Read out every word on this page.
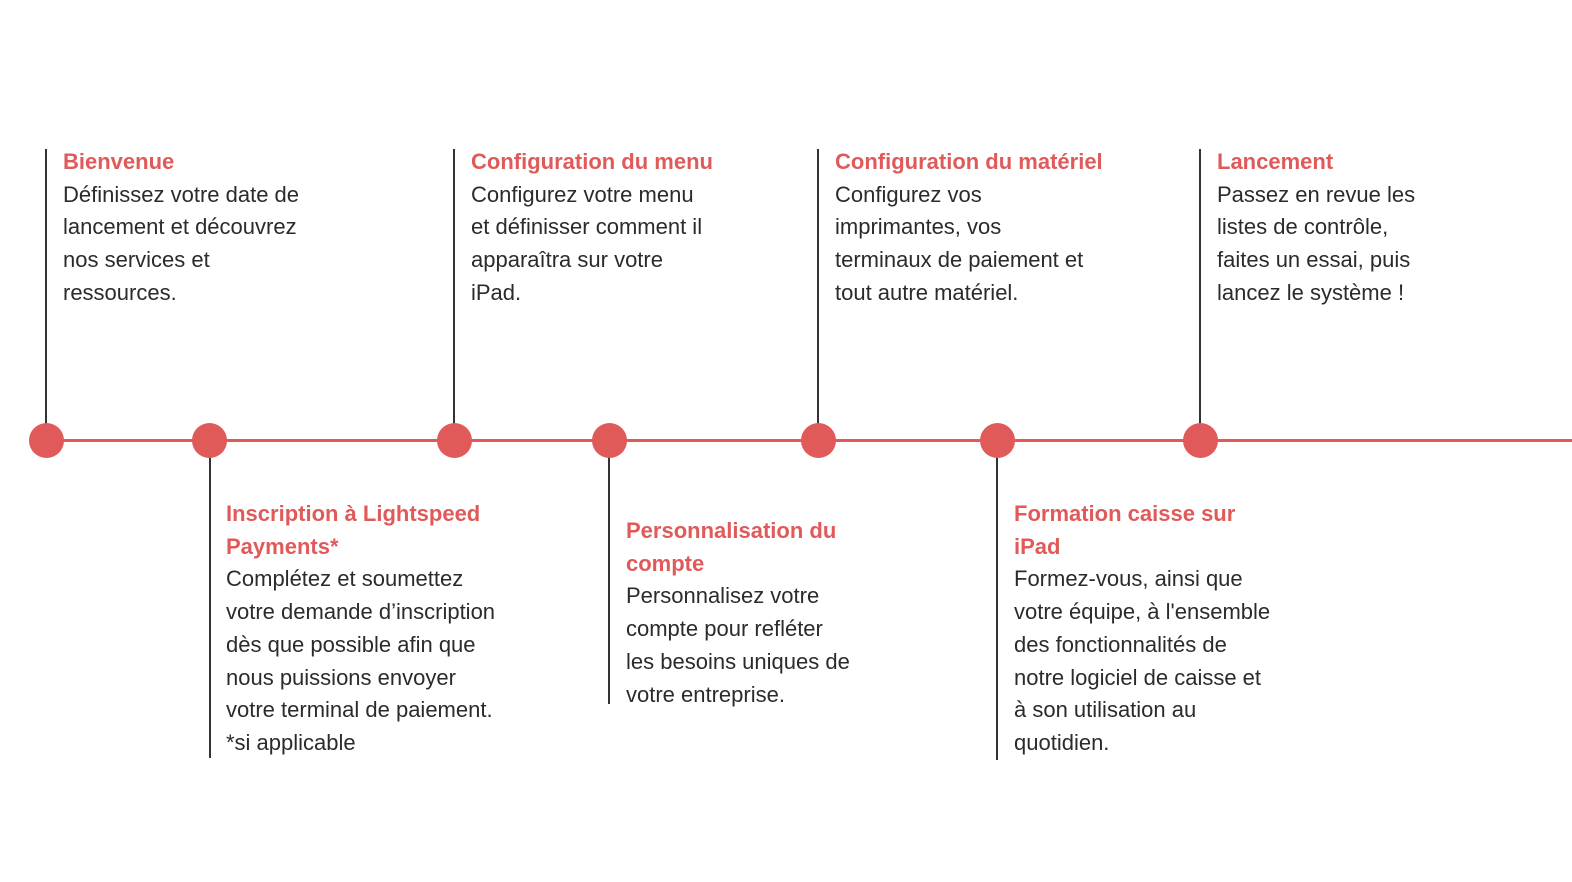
Bienvenue

Définissez votre date de
lancement et découvrez
nos services et
ressources.

Inscription à Lightspeed
Payments*

Complétez et soumettez
votre demande d’inscription
dès que possible afin que
nous puissions envoyer
votre terminal de paiement.
*si applicable

Configuration du menu

Configurez votre menu
et définisser comment il
apparaîtra sur votre
iPad.

Personnalisation du
compte

Personnalisez votre
compte pour refléter
les besoins uniques de
votre entreprise.

Configuration du matériel

Configurez vos
imprimantes, vos
terminaux de paiement et
tout autre matériel.

Formation caisse sur
iPad

Formez-vous, ainsi que
votre équipe, à l'ensemble
des fonctionnalités de
notre logiciel de caisse et
à son utilisation au
quotidien.

Lancement

Passez en revue les
listes de contrôle,
faites un essai, puis
lancez le système !
